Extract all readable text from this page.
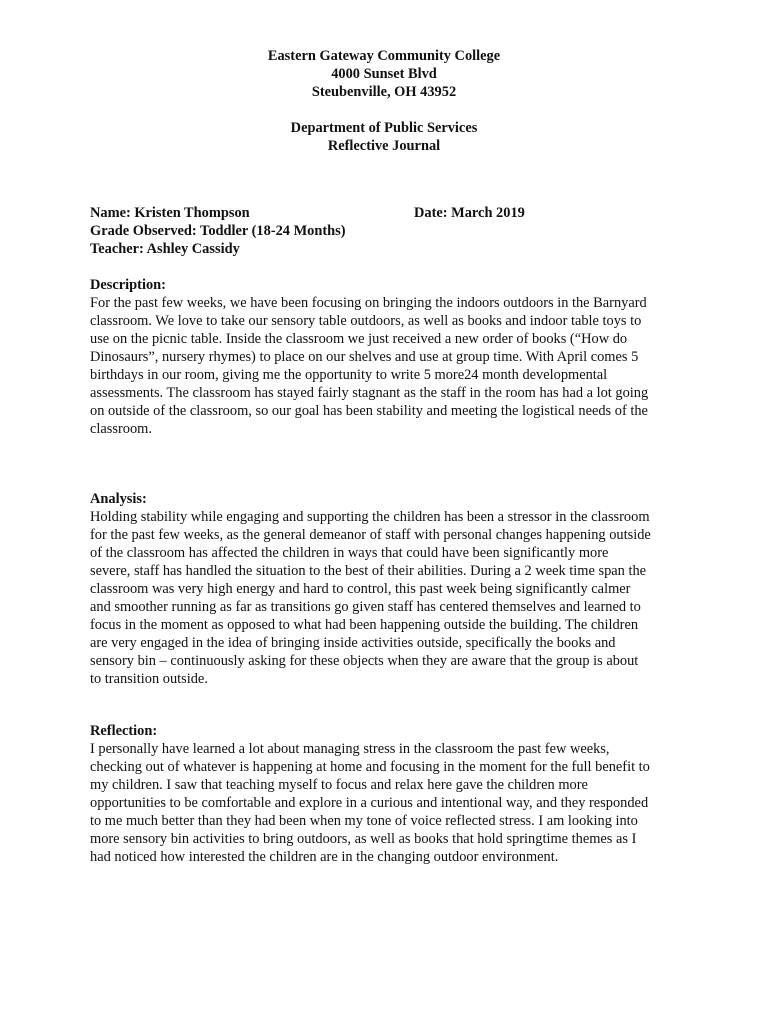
Eastern Gateway Community College
4000 Sunset Blvd
Steubenville, OH 43952
Department of Public Services
Reflective Journal
Name: Kristen Thompson	Date: March 2019
Grade Observed: Toddler (18-24 Months)
Teacher: Ashley Cassidy
Description:

For the past few weeks, we have been focusing on bringing the indoors outdoors in the Barnyard
classroom. We love to take our sensory table outdoors, as well as books and indoor table toys to
use on the picnic table. Inside the classroom we just received a new order of books (“How do
Dinosaurs”, nursery rhymes) to place on our shelves and use at group time. With April comes 5
birthdays in our room, giving me the opportunity to write 5 more24 month developmental
assessments. The classroom has stayed fairly stagnant as the staff in the room has had a lot going
on outside of the classroom, so our goal has been stability and meeting the logistical needs of the
classroom.

Analysis:

Holding stability while engaging and supporting the children has been a stressor in the classroom
for the past few weeks, as the general demeanor of staff with personal changes happening outside
of the classroom has affected the children in ways that could have been significantly more
severe, staff has handled the situation to the best of their abilities. During a 2 week time span the
classroom was very high energy and hard to control, this past week being significantly calmer
and smoother running as far as transitions go given staff has centered themselves and learned to
focus in the moment as opposed to what had been happening outside the building. The children
are very engaged in the idea of bringing inside activities outside, specifically the books and
sensory bin – continuously asking for these objects when they are aware that the group is about
to transition outside.

Reflection:

I personally have learned a lot about managing stress in the classroom the past few weeks,
checking out of whatever is happening at home and focusing in the moment for the full benefit to
my children. I saw that teaching myself to focus and relax here gave the children more
opportunities to be comfortable and explore in a curious and intentional way, and they responded
to me much better than they had been when my tone of voice reflected stress. I am looking into
more sensory bin activities to bring outdoors, as well as books that hold springtime themes as I
had noticed how interested the children are in the changing outdoor environment.
